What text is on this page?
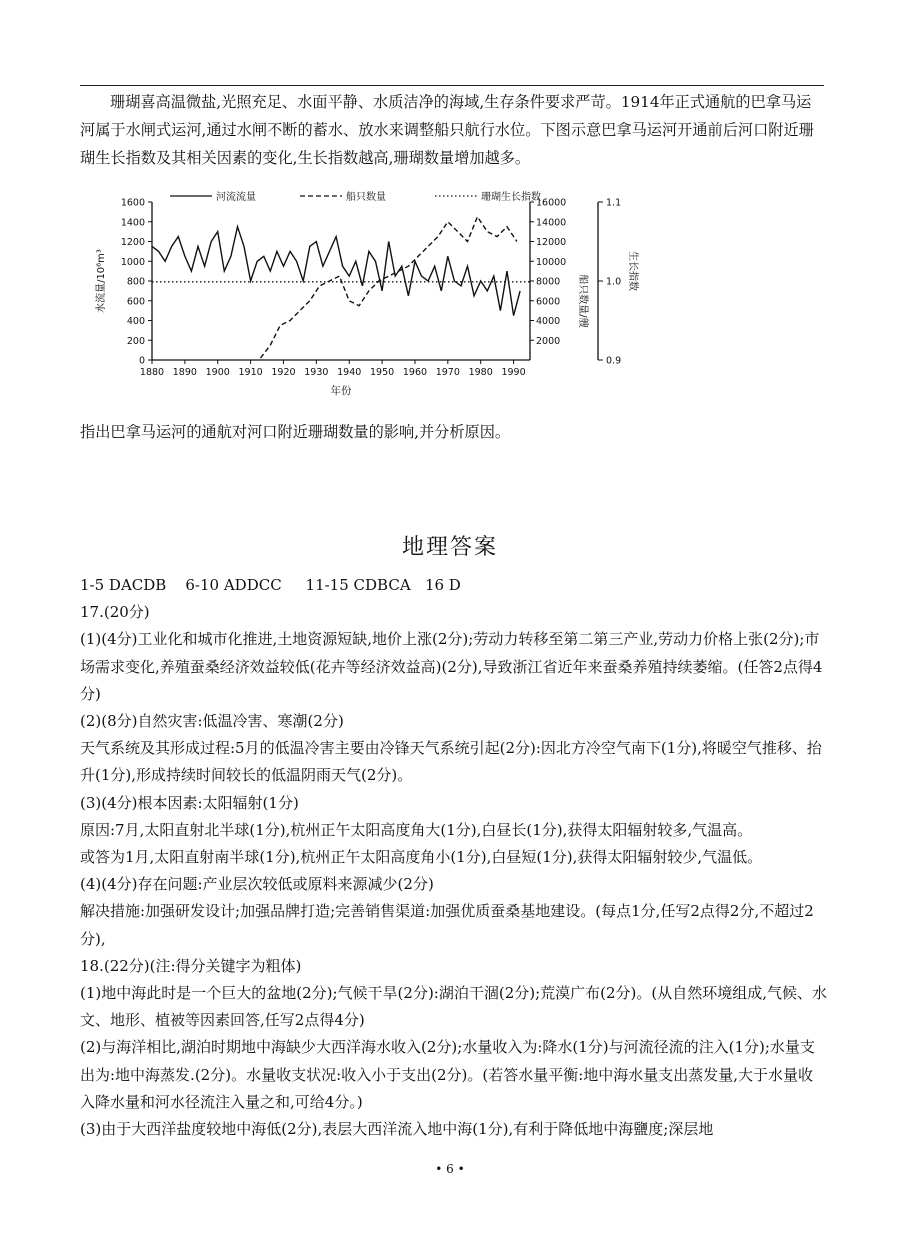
珊瑚喜高温微盐,光照充足、水面平静、水质洁净的海域,生存条件要求严苛。1914年正式通航的巴拿马运河属于水闸式运河,通过水闸不断的蓄水、放水来调整船只航行水位。下图示意巴拿马运河开通前后河口附近珊瑚生长指数及其相关因素的变化,生长指数越高,珊瑚数量增加越多。

1880 1890 1900 1910 1920 1930 1940 1950 1960 1970 1980 1990
0
200
400
600
800
1000
1200
1400
1600
2000
4000
6000
8000
10000
12000
14000
16000
0.9
1.0
1.1
年份
水流量/10⁶m³	船只数量/艘
生长指数
河流流量	船只数量	珊瑚生长指数

指出巴拿马运河的通航对河口附近珊瑚数量的影响,并分析原因。

地理答案
1-5 DACDB    6-10 ADDCC     11-15 CDBCA   16 D
17.(20分)
(1)(4分)工业化和城市化推进,土地资源短缺,地价上涨(2分);劳动力转移至第二第三产业,劳动力价格上张(2分);市场需求变化,养殖蚕桑经济效益较低(花卉等经济效益高)(2分),导致浙江省近年来蚕桑养殖持续萎缩。(任答2点得4分)
(2)(8分)自然灾害:低温冷害、寒潮(2分)
天气系统及其形成过程:5月的低温冷害主要由冷锋天气系统引起(2分):因北方冷空气南下(1分),将暖空气推移、抬升(1分),形成持续时间较长的低温阴雨天气(2分)。
(3)(4分)根本因素:太阳辐射(1分)
原因:7月,太阳直射北半球(1分),杭州正午太阳高度角大(1分),白昼长(1分),获得太阳辐射较多,气温高。
或答为1月,太阳直射南半球(1分),杭州正午太阳高度角小(1分),白昼短(1分),获得太阳辐射较少,气温低。
(4)(4分)存在问题:产业层次较低或原料来源减少(2分)
解决措施:加强研发设计;加强品牌打造;完善销售渠道:加强优质蚕桑基地建设。(每点1分,任写2点得2分,不超过2分),
18.(22分)(注:得分关键字为粗体)
(1)地中海此时是一个巨大的盆地(2分);气候干旱(2分):湖泊干涸(2分);荒漠广布(2分)。(从自然环境组成,气候、水文、地形、植被等因素回答,任写2点得4分)
(2)与海洋相比,湖泊时期地中海缺少大西洋海水收入(2分);水量收入为:降水(1分)与河流径流的注入(1分);水量支出为:地中海蒸发.(2分)。水量收支状况:收入小于支出(2分)。(若答水量平衡:地中海水量支出蒸发量,大于水量收入降水量和河水径流注入量之和,可给4分。)
(3)由于大西洋盐度较地中海低(2分),表层大西洋流入地中海(1分),有利于降低地中海鹽度;深层地
• 6 •
